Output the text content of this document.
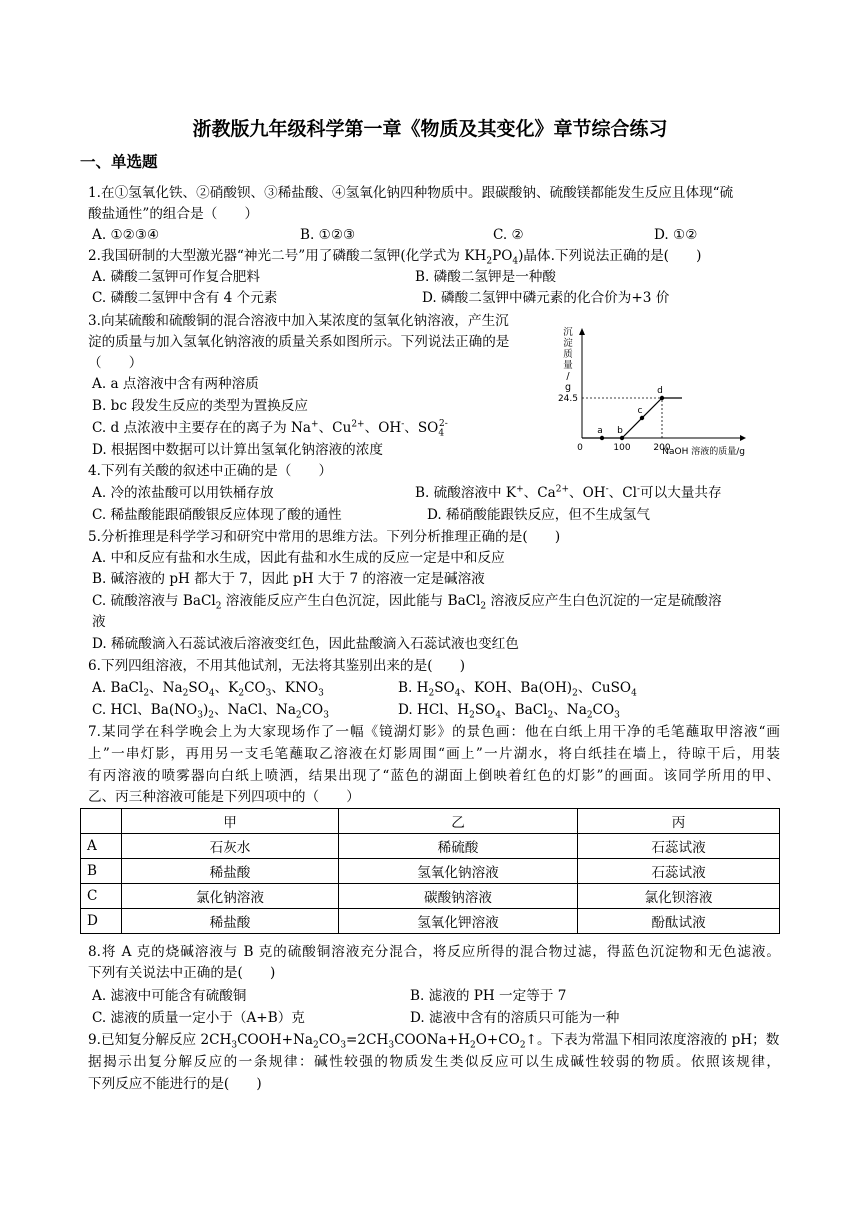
浙教版九年级科学第一章《物质及其变化》章节综合练习
一、单选题
1.在①氢氧化铁、②硝酸钡、③稀盐酸、④氢氧化钠四种物质中。跟碳酸钠、硫酸镁都能发生反应且体现“硫
酸盐通性”的组合是（　　）
A. ①②③④	B. ①②③	C. ②	D. ①②
2.我国研制的大型激光器“神光二号”用了磷酸二氢钾(化学式为 $KH_2PO_4$)晶体.下列说法正确的是(　　)
A. 磷酸二氢钾可作复合肥料	B. 磷酸二氢钾是一种酸
C. 磷酸二氢钾中含有 4 个元素	D. 磷酸二氢钾中磷元素的化合价为+3 价
3.向某硫酸和硫酸铜的混合溶液中加入某浓度的氢氧化钠溶液，产生沉
淀的质量与加入氢氧化钠溶液的质量关系如图所示。下列说法正确的是
（　　）
A. a 点溶液中含有两种溶质
B. bc 段发生反应的类型为置换反应
C. d 点浓液中主要存在的离子为 Na+、$Cu^{2+}$、OH-、$SO_4^{2-}$
D. 根据图中数据可以计算出氢氧化钠溶液的浓度
沉
淀
质
量
/
g
NaOH 溶液的质量/g
0	100	200
24.5
a b
c
d
4.下列有关酸的叙述中正确的是（　　）
A. 冷的浓盐酸可以用铁桶存放	B. 硫酸溶液中 K+、$Ca^{2+}$、OH-、Cl-可以大量共存
C. 稀盐酸能跟硝酸银反应体现了酸的通性	D. 稀硝酸能跟铁反应，但不生成氢气
5.分析推理是科学学习和研究中常用的思维方法。下列分析推理正确的是(　　)
A. 中和反应有盐和水生成，因此有盐和水生成的反应一定是中和反应
B. 碱溶液的 pH 都大于 7，因此 pH 大于 7 的溶液一定是碱溶液
C. 硫酸溶液与 BaCl$_2$ 溶液能反应产生白色沉淀，因此能与 BaCl$_2$ 溶液反应产生白色沉淀的一定是硫酸溶
液
D. 稀硫酸滴入石蕊试液后溶液变红色，因此盐酸滴入石蕊试液也变红色
6.下列四组溶液，不用其他试剂，无法将其鉴别出来的是(　　)
A. BaCl$_2$、$Na_2SO_4$、$K_2CO_3$、$KNO_3$	B. $H_2SO_4$、KOH、$Ba(OH)_2$、CuSO$_4$
C. HCl、$Ba(NO_3)_2$、NaCl、$Na_2CO_3$	D. HCl、$H_2SO_4$、BaCl$_2$、$Na_2CO_3$
7.某同学在科学晚会上为大家现场作了一幅《镜湖灯影》的景色画：他在白纸上用干净的毛笔蘸取甲溶液“画
上”一串灯影，再用另一支毛笔蘸取乙溶液在灯影周围“画上”一片湖水，将白纸挂在墙上，待晾干后，用装
有丙溶液的喷雾器向白纸上喷洒，结果出现了“蓝色的湖面上倒映着红色的灯影”的画面。该同学所用的甲、
乙、丙三种溶液可能是下列四项中的（　　）
	甲	乙	丙
A	石灰水	稀硫酸	石蕊试液
B	稀盐酸	氢氧化钠溶液	石蕊试液
C	氯化钠溶液	碳酸钠溶液	氯化钡溶液
D	稀盐酸	氢氧化钾溶液	酚酞试液
8.将 A 克的烧碱溶液与 B 克的硫酸铜溶液充分混合，将反应所得的混合物过滤，得蓝色沉淀物和无色滤液。
下列有关说法中正确的是(　　)
A. 滤液中可能含有硫酸铜	B. 滤液的 PH 一定等于 7
C. 滤液的质量一定小于（A+B）克	D. 滤液中含有的溶质只可能为一种
9.已知复分解反应 $2CH_3COOH+Na_2CO_3=2CH_3COONa+H_2O+CO_2↑$。下表为常温下相同浓度溶液的 pH；数
据揭示出复分解反应的一条规律：碱性较强的物质发生类似反应可以生成碱性较弱的物质。依照该规律，
下列反应不能进行的是(　　)
